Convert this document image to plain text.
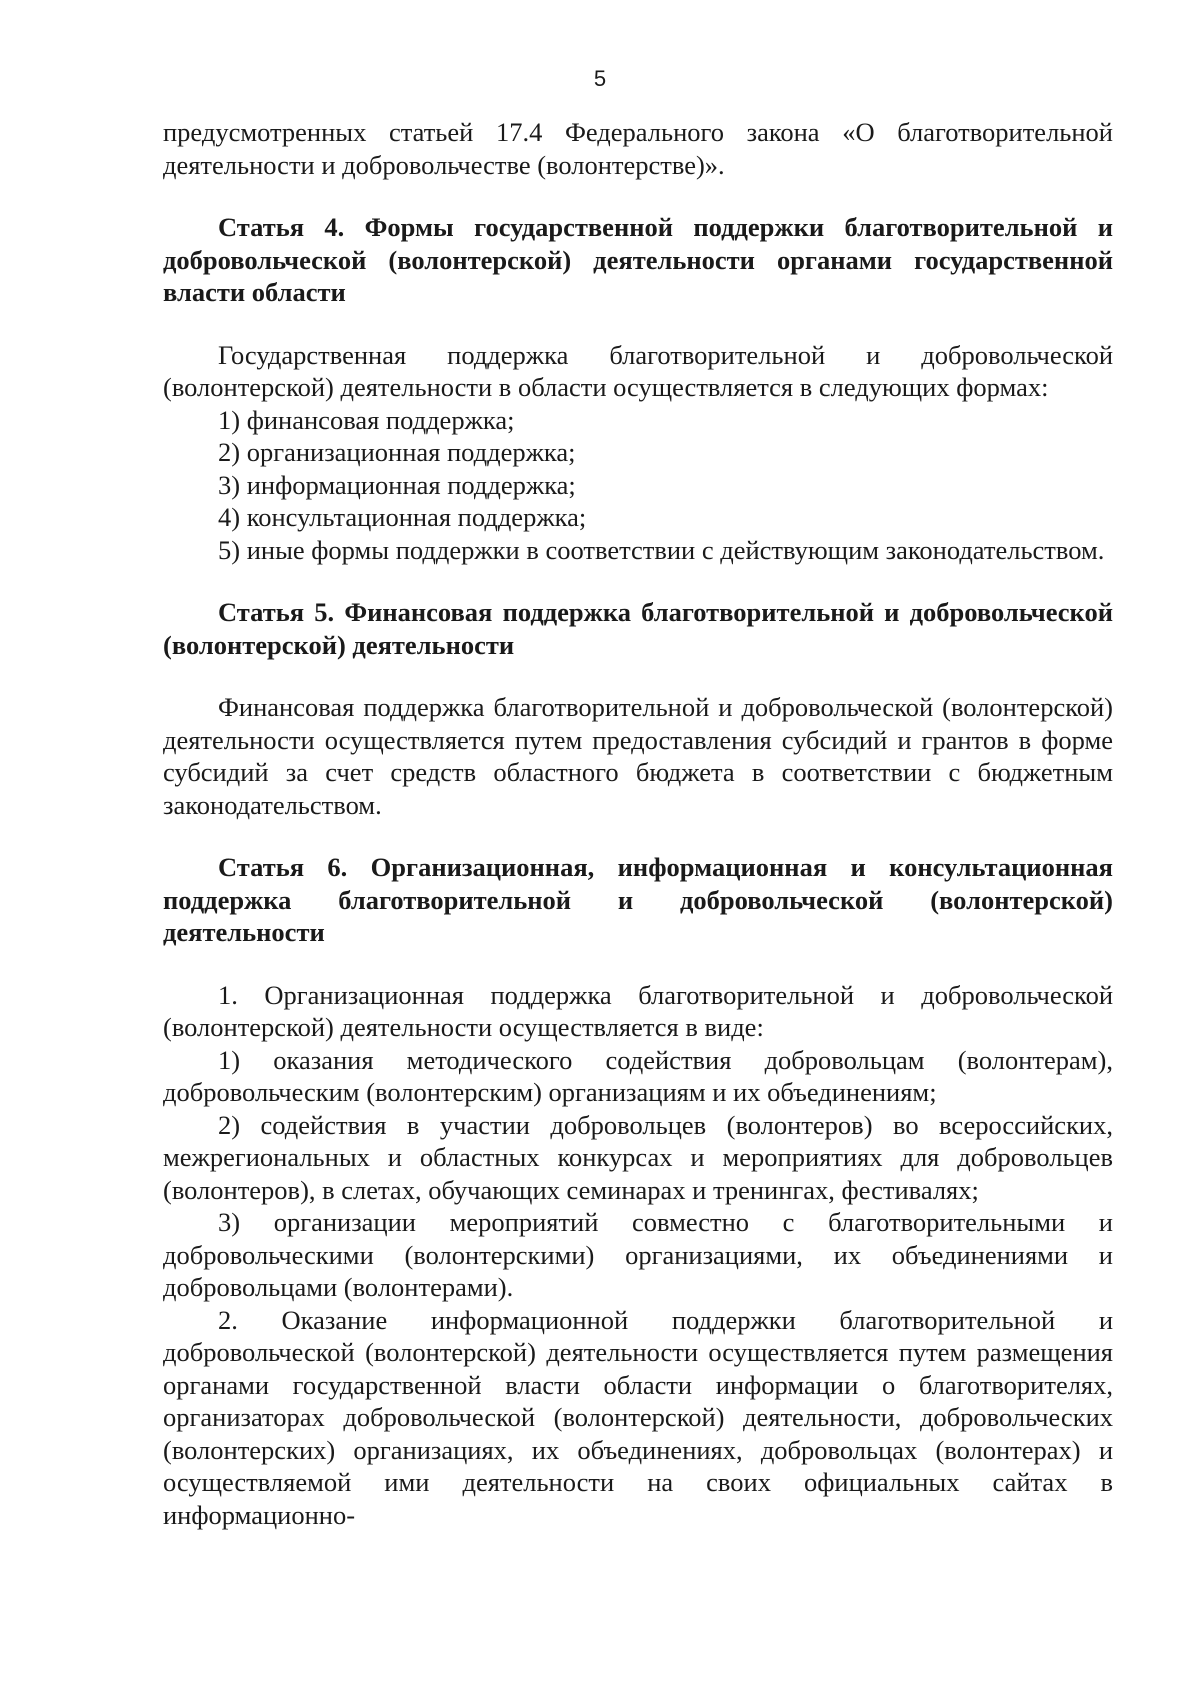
5

предусмотренных статьей 17.4 Федерального закона «О благотворительной деятельности и добровольчестве (волонтерстве)».

Статья 4. Формы государственной поддержки благотворительной и добровольческой (волонтерской) деятельности органами государственной власти области

Государственная поддержка благотворительной и добровольческой (волонтерской) деятельности в области осуществляется в следующих формах:

1) финансовая поддержка;

2) организационная поддержка;

3) информационная поддержка;

4) консультационная поддержка;

5) иные формы поддержки в соответствии с действующим законодательством.

Статья 5. Финансовая поддержка благотворительной и добровольческой (волонтерской) деятельности

Финансовая поддержка благотворительной и добровольческой (волонтерской) деятельности осуществляется путем предоставления субсидий и грантов в форме субсидий за счет средств областного бюджета в соответствии с бюджетным законодательством.

Статья 6. Организационная, информационная и консультационная поддержка благотворительной и добровольческой (волонтерской) деятельности

1. Организационная поддержка благотворительной и добровольческой (волонтерской) деятельности осуществляется в виде:

1) оказания методического содействия добровольцам (волонтерам), добровольческим (волонтерским) организациям и их объединениям;

2) содействия в участии добровольцев (волонтеров) во всероссийских, межрегиональных и областных конкурсах и мероприятиях для добровольцев (волонтеров), в слетах, обучающих семинарах и тренингах, фестивалях;

3) организации мероприятий совместно с благотворительными и добровольческими (волонтерскими) организациями, их объединениями и добровольцами (волонтерами).

2. Оказание информационной поддержки благотворительной и добровольческой (волонтерской) деятельности осуществляется путем размещения органами государственной власти области информации о благотворителях, организаторах добровольческой (волонтерской) деятельности, добровольческих (волонтерских) организациях, их объединениях, добровольцах (волонтерах) и осуществляемой ими деятельности на своих официальных сайтах в информационно-
